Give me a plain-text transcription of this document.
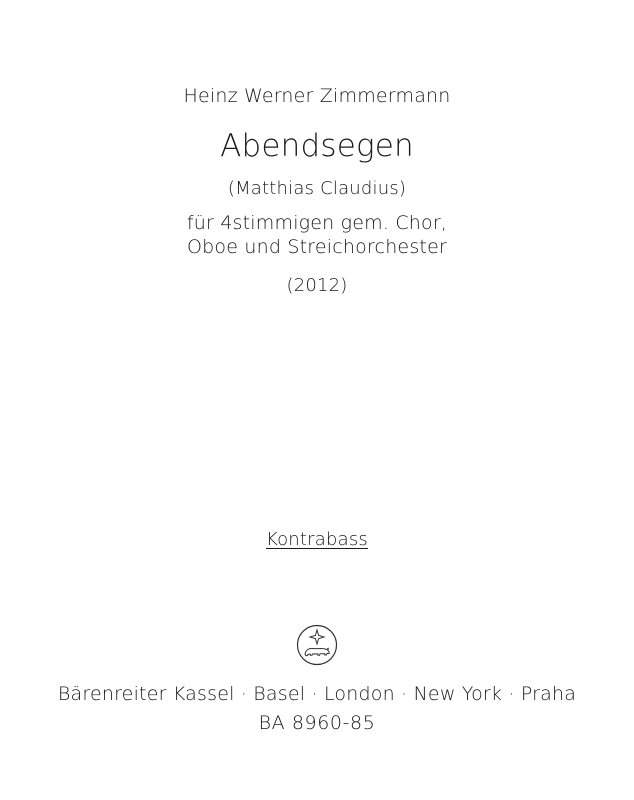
Heinz Werner Zimmermann
Abendsegen
(Matthias Claudius)
für 4stimmigen gem. Chor,
Oboe und Streichorchester
(2012)
Kontrabass
Bärenreiter Kassel · Basel · London · New York · Praha
BA 8960-85
